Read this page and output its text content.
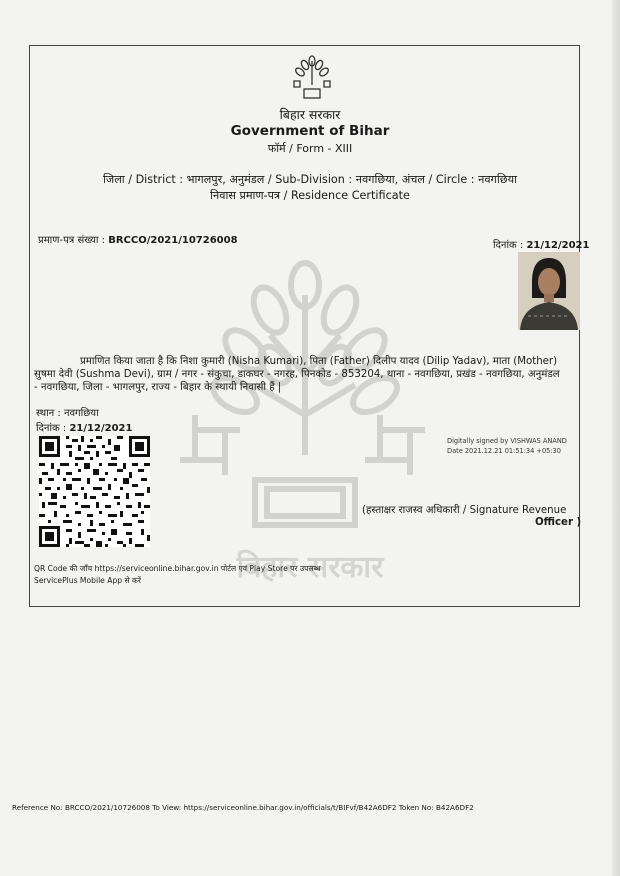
बिहार सरकार
बिहार सरकार
Government of Bihar
फॉर्म / Form - XIII
जिला / District : भागलपुर, अनुमंडल / Sub-Division : नवगछिया, अंचल / Circle : नवगछिया
निवास प्रमाण-पत्र / Residence Certificate
प्रमाण-पत्र संख्या : BRCCO/2021/10726008	दिनांक : 21/12/2021
प्रमाणित किया जाता है कि निशा कुमारी (Nisha Kumari), पिता (Father) दिलीप यादव (Dilip Yadav), माता (Mother)
सुषमा देवी (Sushma Devi), ग्राम / नगर - संकुचा, डाकघर - नगरह, पिनकोड - 853204, थाना - नवगछिया, प्रखंड - नवगछिया, अनुमंडल
- नवगछिया, जिला - भागलपुर, राज्य - बिहार के स्थायी निवासी हैं |
स्थान : नवगछिया
दिनांक : 21/12/2021
Digitally signed by VISHWAS ANAND
Date 2021.12.21 01:51:34 +05:30
(हस्ताक्षर राजस्व अधिकारी / Signature Revenue
Officer )
QR Code की जाँच https://serviceonline.bihar.gov.in पोर्टल एवं Play Store पर उपलब्ध
ServicePlus Mobile App से करें
Reference No: BRCCO/2021/10726008 To View: https://serviceonline.bihar.gov.in/officials/t/BIFvf/B42A6DF2 Token No: B42A6DF2
